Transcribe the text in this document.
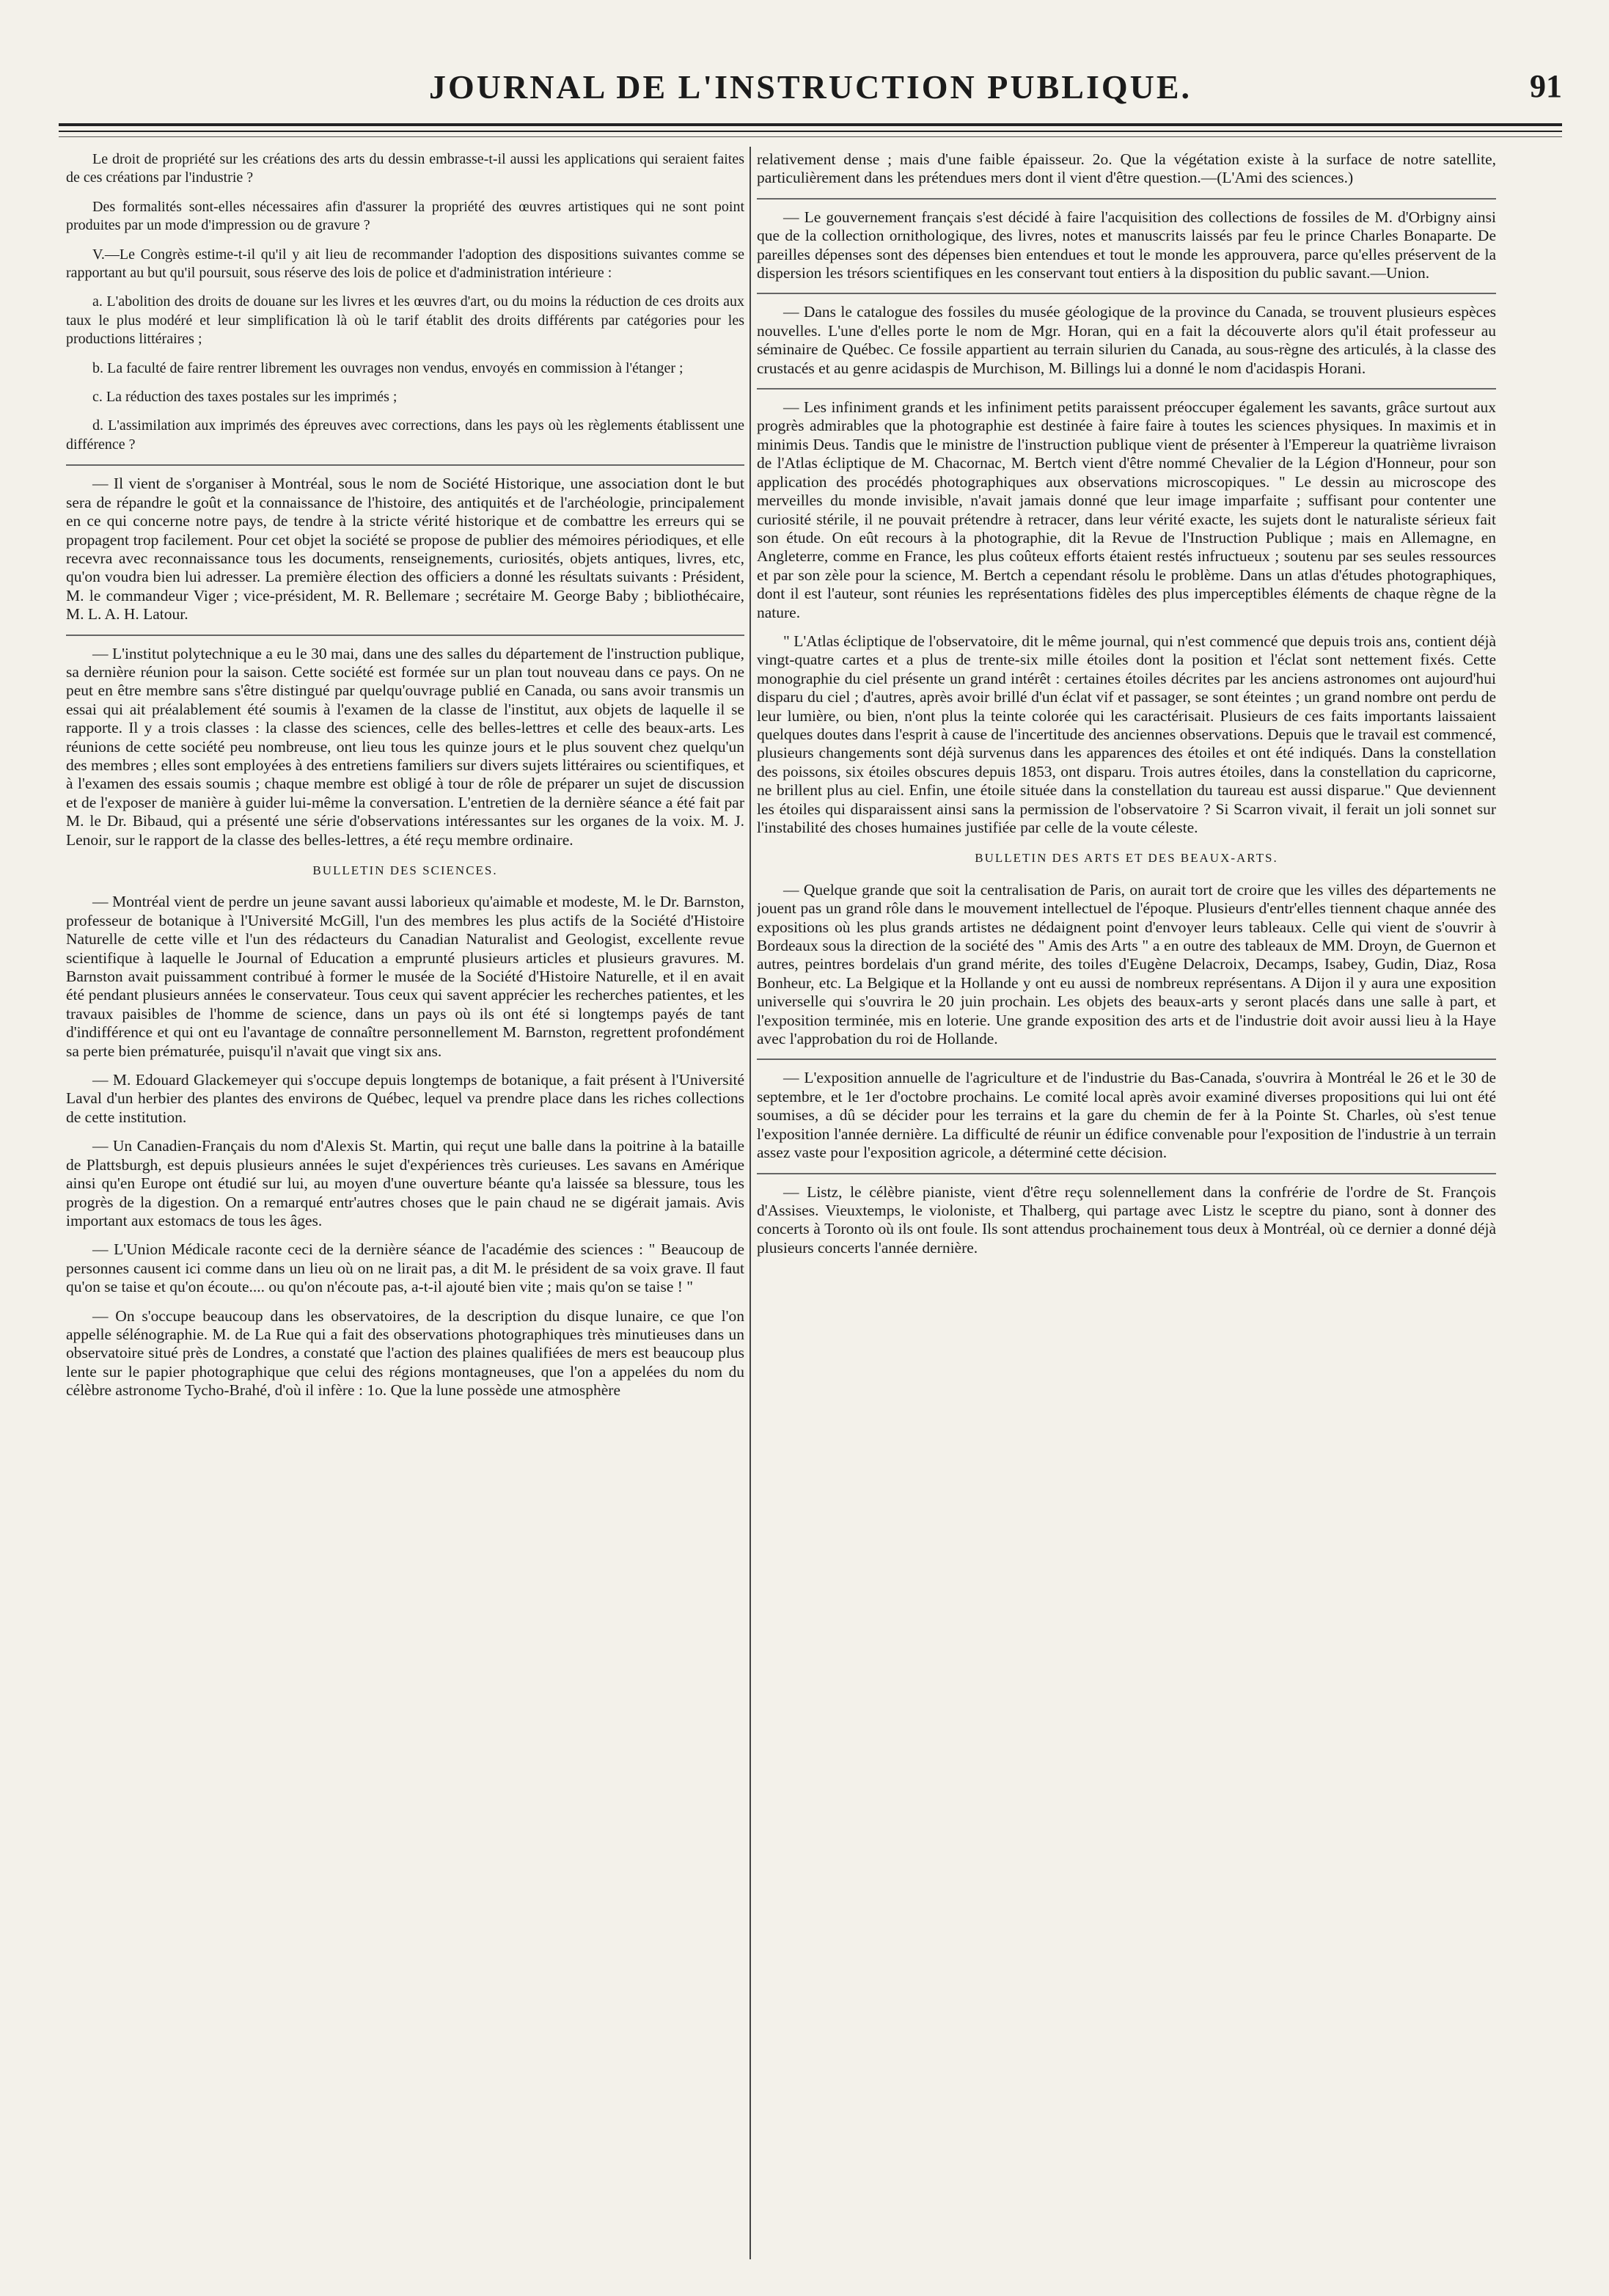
JOURNAL DE L'INSTRUCTION PUBLIQUE.	91

Le droit de propriété sur les créations des arts du dessin embrasse-t-il aussi les applications qui seraient faites de ces créations par l'industrie ?

Des formalités sont-elles nécessaires afin d'assurer la propriété des œuvres artistiques qui ne sont point produites par un mode d'impression ou de gravure ?

V.—Le Congrès estime-t-il qu'il y ait lieu de recommander l'adoption des dispositions suivantes comme se rapportant au but qu'il poursuit, sous réserve des lois de police et d'administration intérieure :

a. L'abolition des droits de douane sur les livres et les œuvres d'art, ou du moins la réduction de ces droits aux taux le plus modéré et leur simplification là où le tarif établit des droits différents par catégories pour les productions littéraires ;

b. La faculté de faire rentrer librement les ouvrages non vendus, envoyés en commission à l'étanger ;

c. La réduction des taxes postales sur les imprimés ;

d. L'assimilation aux imprimés des épreuves avec corrections, dans les pays où les règlements établissent une différence ?

— Il vient de s'organiser à Montréal, sous le nom de Société Historique, une association dont le but sera de répandre le goût et la connaissance de l'histoire, des antiquités et de l'archéologie, principalement en ce qui concerne notre pays, de tendre à la stricte vérité historique et de combattre les erreurs qui se propagent trop facilement. Pour cet objet la société se propose de publier des mémoires périodiques, et elle recevra avec reconnaissance tous les documents, renseignements, curiosités, objets antiques, livres, etc, qu'on voudra bien lui adresser. La première élection des officiers a donné les résultats suivants : Président, M. le commandeur Viger ; vice-président, M. R. Bellemare ; secrétaire M. George Baby ; bibliothécaire, M. L. A. H. Latour.

— L'institut polytechnique a eu le 30 mai, dans une des salles du département de l'instruction publique, sa dernière réunion pour la saison. Cette société est formée sur un plan tout nouveau dans ce pays. On ne peut en être membre sans s'être distingué par quelqu'ouvrage publié en Canada, ou sans avoir transmis un essai qui ait préalablement été soumis à l'examen de la classe de l'institut, aux objets de laquelle il se rapporte. Il y a trois classes : la classe des sciences, celle des belles-lettres et celle des beaux-arts. Les réunions de cette société peu nombreuse, ont lieu tous les quinze jours et le plus souvent chez quelqu'un des membres ; elles sont employées à des entretiens familiers sur divers sujets littéraires ou scientifiques, et à l'examen des essais soumis ; chaque membre est obligé à tour de rôle de préparer un sujet de discussion et de l'exposer de manière à guider lui-même la conversation. L'entretien de la dernière séance a été fait par M. le Dr. Bibaud, qui a présenté une série d'observations intéressantes sur les organes de la voix. M. J. Lenoir, sur le rapport de la classe des belles-lettres, a été reçu membre ordinaire.

BULLETIN DES SCIENCES.

— Montréal vient de perdre un jeune savant aussi laborieux qu'aimable et modeste, M. le Dr. Barnston, professeur de botanique à l'Université McGill, l'un des membres les plus actifs de la Société d'Histoire Naturelle de cette ville et l'un des rédacteurs du Canadian Naturalist and Geologist, excellente revue scientifique à laquelle le Journal of Education a emprunté plusieurs articles et plusieurs gravures. M. Barnston avait puissamment contribué à former le musée de la Société d'Histoire Naturelle, et il en avait été pendant plusieurs années le conservateur. Tous ceux qui savent apprécier les recherches patientes, et les travaux paisibles de l'homme de science, dans un pays où ils ont été si longtemps payés de tant d'indifférence et qui ont eu l'avantage de connaître personnellement M. Barnston, regrettent profondément sa perte bien prématurée, puisqu'il n'avait que vingt six ans.

— M. Edouard Glackemeyer qui s'occupe depuis longtemps de botanique, a fait présent à l'Université Laval d'un herbier des plantes des environs de Québec, lequel va prendre place dans les riches collections de cette institution.

— Un Canadien-Français du nom d'Alexis St. Martin, qui reçut une balle dans la poitrine à la bataille de Plattsburgh, est depuis plusieurs années le sujet d'expériences très curieuses. Les savans en Amérique ainsi qu'en Europe ont étudié sur lui, au moyen d'une ouverture béante qu'a laissée sa blessure, tous les progrès de la digestion. On a remarqué entr'autres choses que le pain chaud ne se digérait jamais. Avis important aux estomacs de tous les âges.

— L'Union Médicale raconte ceci de la dernière séance de l'académie des sciences : " Beaucoup de personnes causent ici comme dans un lieu où on ne lirait pas, a dit M. le président de sa voix grave. Il faut qu'on se taise et qu'on écoute.... ou qu'on n'écoute pas, a-t-il ajouté bien vite ; mais qu'on se taise ! "

— On s'occupe beaucoup dans les observatoires, de la description du disque lunaire, ce que l'on appelle sélénographie. M. de La Rue qui a fait des observations photographiques très minutieuses dans un observatoire situé près de Londres, a constaté que l'action des plaines qualifiées de mers est beaucoup plus lente sur le papier photographique que celui des régions montagneuses, que l'on a appelées du nom du célèbre astronome Tycho-Brahé, d'où il infère : 1o. Que la lune possède une atmosphère

relativement dense ; mais d'une faible épaisseur. 2o. Que la végétation existe à la surface de notre satellite, particulièrement dans les prétendues mers dont il vient d'être question.—(L'Ami des sciences.)

— Le gouvernement français s'est décidé à faire l'acquisition des collections de fossiles de M. d'Orbigny ainsi que de la collection ornithologique, des livres, notes et manuscrits laissés par feu le prince Charles Bonaparte. De pareilles dépenses sont des dépenses bien entendues et tout le monde les approuvera, parce qu'elles préservent de la dispersion les trésors scientifiques en les conservant tout entiers à la disposition du public savant.—Union.

— Dans le catalogue des fossiles du musée géologique de la province du Canada, se trouvent plusieurs espèces nouvelles. L'une d'elles porte le nom de Mgr. Horan, qui en a fait la découverte alors qu'il était professeur au séminaire de Québec. Ce fossile appartient au terrain silurien du Canada, au sous-règne des articulés, à la classe des crustacés et au genre acidaspis de Murchison, M. Billings lui a donné le nom d'acidaspis Horani.

— Les infiniment grands et les infiniment petits paraissent préoccuper également les savants, grâce surtout aux progrès admirables que la photographie est destinée à faire faire à toutes les sciences physiques. In maximis et in minimis Deus. Tandis que le ministre de l'instruction publique vient de présenter à l'Empereur la quatrième livraison de l'Atlas écliptique de M. Chacornac, M. Bertch vient d'être nommé Chevalier de la Légion d'Honneur, pour son application des procédés photographiques aux observations microscopiques. " Le dessin au microscope des merveilles du monde invisible, n'avait jamais donné que leur image imparfaite ; suffisant pour contenter une curiosité stérile, il ne pouvait prétendre à retracer, dans leur vérité exacte, les sujets dont le naturaliste sérieux fait son étude. On eût recours à la photographie, dit la Revue de l'Instruction Publique ; mais en Allemagne, en Angleterre, comme en France, les plus coûteux efforts étaient restés infructueux ; soutenu par ses seules ressources et par son zèle pour la science, M. Bertch a cependant résolu le problème. Dans un atlas d'études photographiques, dont il est l'auteur, sont réunies les représentations fidèles des plus imperceptibles éléments de chaque règne de la nature.

" L'Atlas écliptique de l'observatoire, dit le même journal, qui n'est commencé que depuis trois ans, contient déjà vingt-quatre cartes et a plus de trente-six mille étoiles dont la position et l'éclat sont nettement fixés. Cette monographie du ciel présente un grand intérêt : certaines étoiles décrites par les anciens astronomes ont aujourd'hui disparu du ciel ; d'autres, après avoir brillé d'un éclat vif et passager, se sont éteintes ; un grand nombre ont perdu de leur lumière, ou bien, n'ont plus la teinte colorée qui les caractérisait. Plusieurs de ces faits importants laissaient quelques doutes dans l'esprit à cause de l'incertitude des anciennes observations. Depuis que le travail est commencé, plusieurs changements sont déjà survenus dans les apparences des étoiles et ont été indiqués. Dans la constellation des poissons, six étoiles obscures depuis 1853, ont disparu. Trois autres étoiles, dans la constellation du capricorne, ne brillent plus au ciel. Enfin, une étoile située dans la constellation du taureau est aussi disparue." Que deviennent les étoiles qui disparaissent ainsi sans la permission de l'observatoire ? Si Scarron vivait, il ferait un joli sonnet sur l'instabilité des choses humaines justifiée par celle de la voute céleste.

BULLETIN DES ARTS ET DES BEAUX-ARTS.

— Quelque grande que soit la centralisation de Paris, on aurait tort de croire que les villes des départements ne jouent pas un grand rôle dans le mouvement intellectuel de l'époque. Plusieurs d'entr'elles tiennent chaque année des expositions où les plus grands artistes ne dédaignent point d'envoyer leurs tableaux. Celle qui vient de s'ouvrir à Bordeaux sous la direction de la société des " Amis des Arts " a en outre des tableaux de MM. Droyn, de Guernon et autres, peintres bordelais d'un grand mérite, des toiles d'Eugène Delacroix, Decamps, Isabey, Gudin, Diaz, Rosa Bonheur, etc. La Belgique et la Hollande y ont eu aussi de nombreux représentans. A Dijon il y aura une exposition universelle qui s'ouvrira le 20 juin prochain. Les objets des beaux-arts y seront placés dans une salle à part, et l'exposition terminée, mis en loterie. Une grande exposition des arts et de l'industrie doit avoir aussi lieu à la Haye avec l'approbation du roi de Hollande.

— L'exposition annuelle de l'agriculture et de l'industrie du Bas-Canada, s'ouvrira à Montréal le 26 et le 30 de septembre, et le 1er d'octobre prochains. Le comité local après avoir examiné diverses propositions qui lui ont été soumises, a dû se décider pour les terrains et la gare du chemin de fer à la Pointe St. Charles, où s'est tenue l'exposition l'année dernière. La difficulté de réunir un édifice convenable pour l'exposition de l'industrie à un terrain assez vaste pour l'exposition agricole, a déterminé cette décision.

— Listz, le célèbre pianiste, vient d'être reçu solennellement dans la confrérie de l'ordre de St. François d'Assises. Vieuxtemps, le violoniste, et Thalberg, qui partage avec Listz le sceptre du piano, sont à donner des concerts à Toronto où ils ont foule. Ils sont attendus prochainement tous deux à Montréal, où ce dernier a donné déjà plusieurs concerts l'année dernière.
